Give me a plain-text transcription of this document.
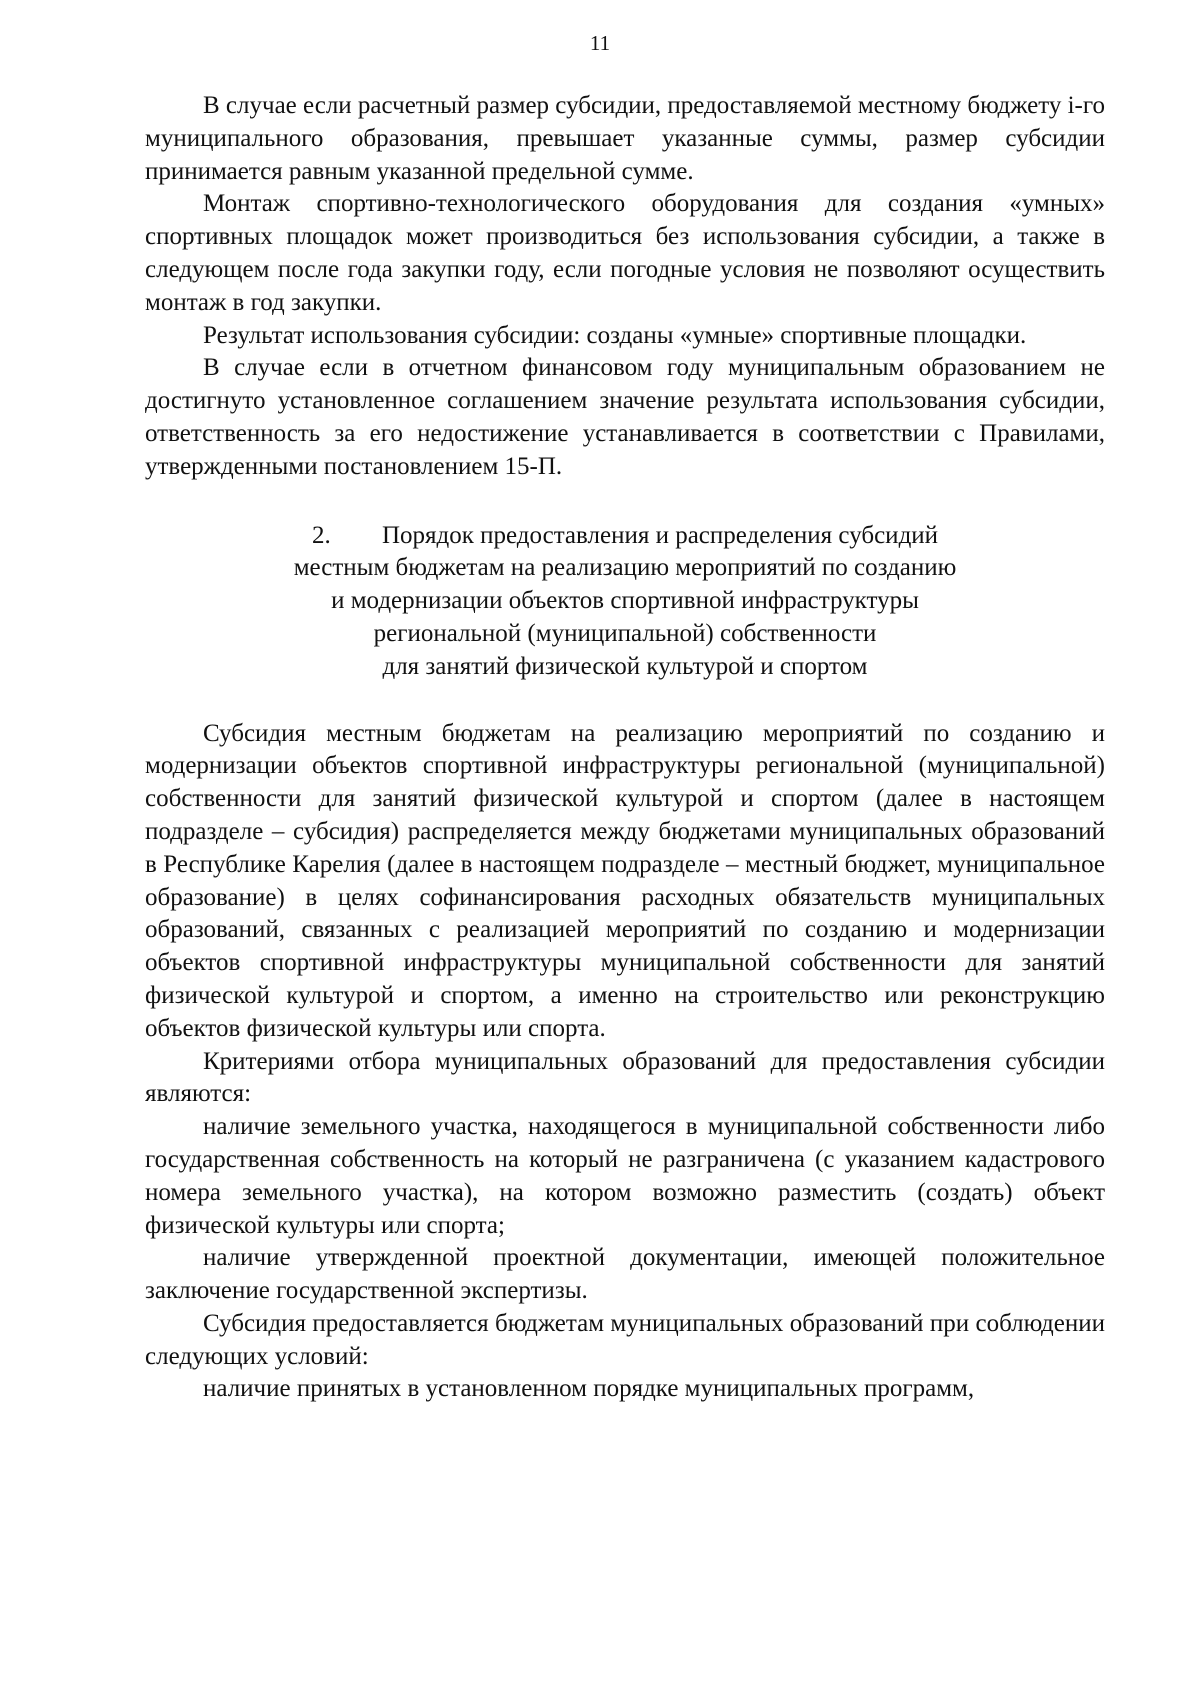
11

В случае если расчетный размер субсидии, предоставляемой местному бюджету i-го муниципального образования, превышает указанные суммы, размер субсидии принимается равным указанной предельной сумме.

Монтаж спортивно-технологического оборудования для создания «умных» спортивных площадок может производиться без использования субсидии, а также в следующем после года закупки году, если погодные условия не позволяют осуществить монтаж в год закупки.

Результат использования субсидии: созданы «умные» спортивные площадки.

В случае если в отчетном финансовом году муниципальным образованием не достигнуто установленное соглашением значение результата использования субсидии, ответственность за его недостижение устанавливается в соответствии с Правилами, утвержденными постановлением 15-П.

2. Порядок предоставления и распределения субсидий
местным бюджетам на реализацию мероприятий по созданию
и модернизации объектов спортивной инфраструктуры
региональной (муниципальной) собственности
для занятий физической культурой и спортом

Субсидия местным бюджетам на реализацию мероприятий по созданию и модернизации объектов спортивной инфраструктуры региональной (муниципальной) собственности для занятий физической культурой и спортом (далее в настоящем подразделе – субсидия) распределяется между бюджетами муниципальных образований в Республике Карелия (далее в настоящем подразделе – местный бюджет, муниципальное образование) в целях софинансирования расходных обязательств муниципальных образований, связанных с реализацией мероприятий по созданию и модернизации объектов спортивной инфраструктуры муниципальной собственности для занятий физической культурой и спортом, а именно на строительство или реконструкцию объектов физической культуры или спорта.

Критериями отбора муниципальных образований для предоставления субсидии являются:

наличие земельного участка, находящегося в муниципальной собственности либо государственная собственность на который не разграничена (с указанием кадастрового номера земельного участка), на котором возможно разместить (создать) объект физической культуры или спорта;

наличие утвержденной проектной документации, имеющей положительное заключение государственной экспертизы.

Субсидия предоставляется бюджетам муниципальных образований при соблюдении следующих условий:

наличие принятых в установленном порядке муниципальных программ,
